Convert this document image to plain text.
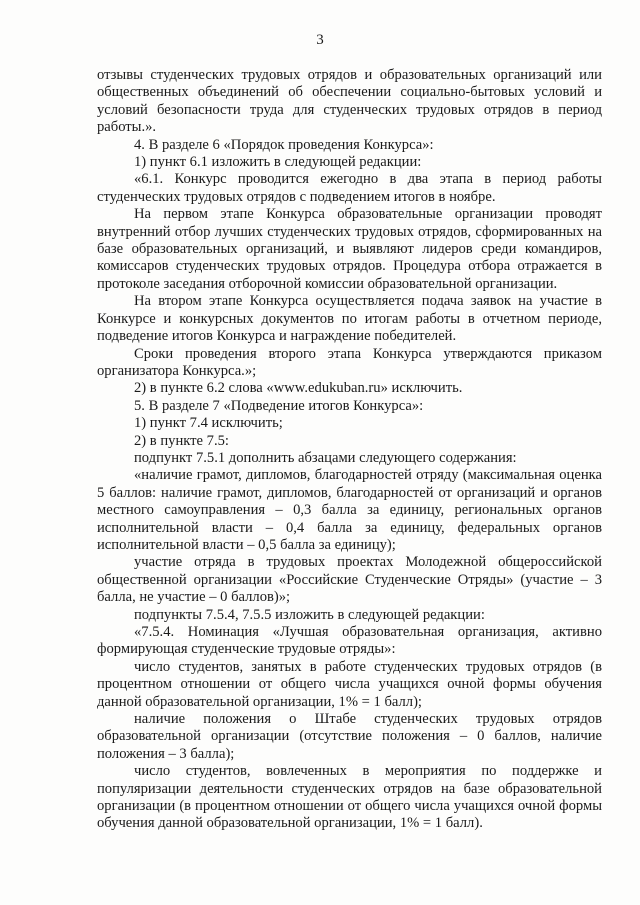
3

отзывы студенческих трудовых отрядов и образовательных организаций или общественных объединений об обеспечении социально-бытовых условий и условий безопасности труда для студенческих трудовых отрядов в период работы.».

4. В разделе 6 «Порядок проведения Конкурса»:

1) пункт 6.1 изложить в следующей редакции:

«6.1. Конкурс проводится ежегодно в два этапа в период работы студенческих трудовых отрядов с подведением итогов в ноябре.

На первом этапе Конкурса образовательные организации проводят внутренний отбор лучших студенческих трудовых отрядов, сформированных на базе образовательных организаций, и выявляют лидеров среди командиров, комиссаров студенческих трудовых отрядов. Процедура отбора отражается в протоколе заседания отборочной комиссии образовательной организации.

На втором этапе Конкурса осуществляется подача заявок на участие в Конкурсе и конкурсных документов по итогам работы в отчетном периоде, подведение итогов Конкурса и награждение победителей.

Сроки проведения второго этапа Конкурса утверждаются приказом организатора Конкурса.»;

2) в пункте 6.2 слова «www.edukuban.ru» исключить.

5. В разделе 7 «Подведение итогов Конкурса»:

1) пункт 7.4 исключить;

2) в пункте 7.5:

подпункт 7.5.1 дополнить абзацами следующего содержания:

«наличие грамот, дипломов, благодарностей отряду (максимальная оценка 5 баллов: наличие грамот, дипломов, благодарностей от организаций и органов местного самоуправления – 0,3 балла за единицу, региональных органов исполнительной власти – 0,4 балла за единицу, федеральных органов исполнительной власти – 0,5 балла за единицу);

участие отряда в трудовых проектах Молодежной общероссийской общественной организации «Российские Студенческие Отряды» (участие – 3 балла, не участие – 0 баллов)»;

подпункты 7.5.4, 7.5.5 изложить в следующей редакции:

«7.5.4. Номинация «Лучшая образовательная организация, активно формирующая студенческие трудовые отряды»:

число студентов, занятых в работе студенческих трудовых отрядов (в процентном отношении от общего числа учащихся очной формы обучения данной образовательной организации, 1% = 1 балл);

наличие положения о Штабе студенческих трудовых отрядов образовательной организации (отсутствие положения – 0 баллов, наличие положения – 3 балла);

число студентов, вовлеченных в мероприятия по поддержке и популяризации деятельности студенческих отрядов на базе образовательной организации (в процентном отношении от общего числа учащихся очной формы обучения данной образовательной организации, 1% = 1 балл).
